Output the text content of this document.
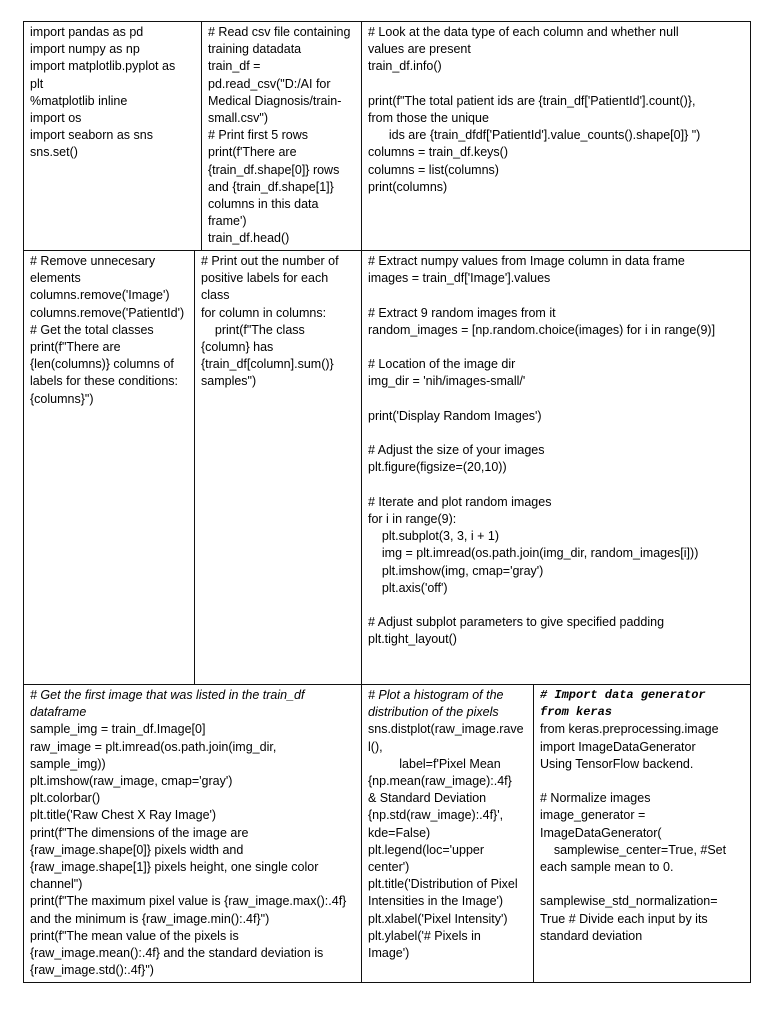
import pandas as pd
import numpy as np
import matplotlib.pyplot as
plt
%matplotlib inline
import os
import seaborn as sns
sns.set()
# Read csv file containing
training datadata
train_df =
pd.read_csv("D:/AI for
Medical Diagnosis/train-
small.csv")
# Print first 5 rows
print(f'There are
{train_df.shape[0]} rows
and {train_df.shape[1]}
columns in this data
frame')
train_df.head()
# Look at the data type of each column and whether null
values are present
train_df.info()

print(f"The total patient ids are {train_df['PatientId'].count()},
from those the unique
ids are {train_dfdf['PatientId'].value_counts().shape[0]} ")
columns = train_df.keys()
columns = list(columns)
print(columns)
# Remove unnecesary
elements
columns.remove('Image')
columns.remove('PatientId')
# Get the total classes
print(f"There are
{len(columns)} columns of
labels for these conditions:
{columns}")
# Print out the number of
positive labels for each
class
for column in columns:
print(f"The class
{column} has
{train_df[column].sum()}
samples")
# Extract numpy values from Image column in data frame
images = train_df['Image'].values

# Extract 9 random images from it
random_images = [np.random.choice(images) for i in range(9)]

# Location of the image dir
img_dir = 'nih/images-small/'

print('Display Random Images')

# Adjust the size of your images
plt.figure(figsize=(20,10))

# Iterate and plot random images
for i in range(9):
plt.subplot(3, 3, i + 1)
img = plt.imread(os.path.join(img_dir, random_images[i]))
plt.imshow(img, cmap='gray')
plt.axis('off')

# Adjust subplot parameters to give specified padding
plt.tight_layout()
# Get the first image that was listed in the train_df
dataframe
sample_img = train_df.Image[0]
raw_image = plt.imread(os.path.join(img_dir,
sample_img))
plt.imshow(raw_image, cmap='gray')
plt.colorbar()
plt.title('Raw Chest X Ray Image')
print(f"The dimensions of the image are
{raw_image.shape[0]} pixels width and
{raw_image.shape[1]} pixels height, one single color
channel")
print(f"The maximum pixel value is {raw_image.max():.4f}
and the minimum is {raw_image.min():.4f}")
print(f"The mean value of the pixels is
{raw_image.mean():.4f} and the standard deviation is
{raw_image.std():.4f}")
# Plot a histogram of the
distribution of the pixels
sns.distplot(raw_image.rave
l(),
label=f'Pixel Mean
{np.mean(raw_image):.4f}
& Standard Deviation
{np.std(raw_image):.4f}',
kde=False)
plt.legend(loc='upper
center')
plt.title('Distribution of Pixel
Intensities in the Image')
plt.xlabel('Pixel Intensity')
plt.ylabel('# Pixels in
Image')
# Import data generator
from keras
from keras.preprocessing.image
import ImageDataGenerator
Using TensorFlow backend.

# Normalize images
image_generator =
ImageDataGenerator(
samplewise_center=True, #Set
each sample mean to 0.

samplewise_std_normalization=
True # Divide each input by its
standard deviation
